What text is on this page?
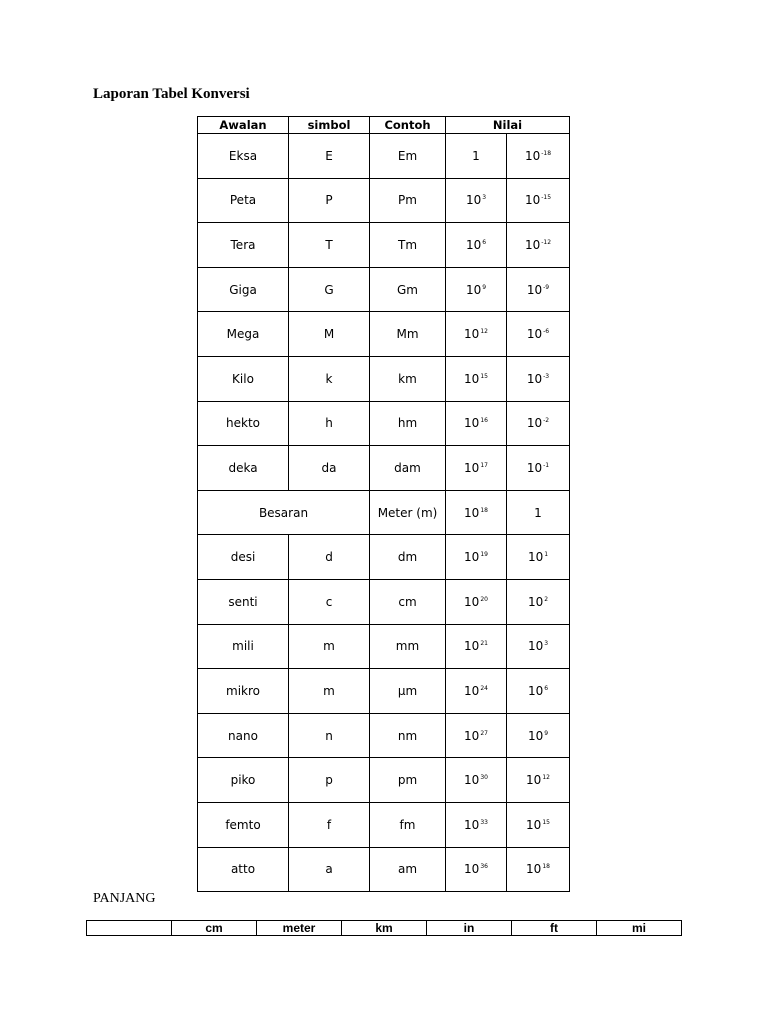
Laporan Tabel Konversi
Awalan	simbol	Contoh	Nilai	
Eksa	E	Em	1	$10^{-18}$
Peta	P	Pm	$10^3$	$10^{-15}$
Tera	T	Tm	$10^6$	$10^{-12}$
Giga	G	Gm	$10^9$	$10^{-9}$
Mega	M	Mm	$10^{12}$	$10^{-6}$
Kilo	k	km	$10^{15}$	$10^{-3}$
hekto	h	hm	$10^{16}$	$10^{-2}$
deka	da	dam	$10^{17}$	$10^{-1}$
Besaran		Meter (m)	$10^{18}$	1
desi	d	dm	$10^{19}$	$10^1$
senti	c	cm	$10^{20}$	$10^2$
mili	m	mm	$10^{21}$	$10^3$
mikro	m	μm	$10^{24}$	$10^6$
nano	n	nm	$10^{27}$	$10^9$
piko	p	pm	$10^{30}$	$10^{12}$
femto	f	fm	$10^{33}$	$10^{15}$
atto	a	am	$10^{36}$	$10^{18}$

PANJANG

	cm	meter	km	in	ft	mi
